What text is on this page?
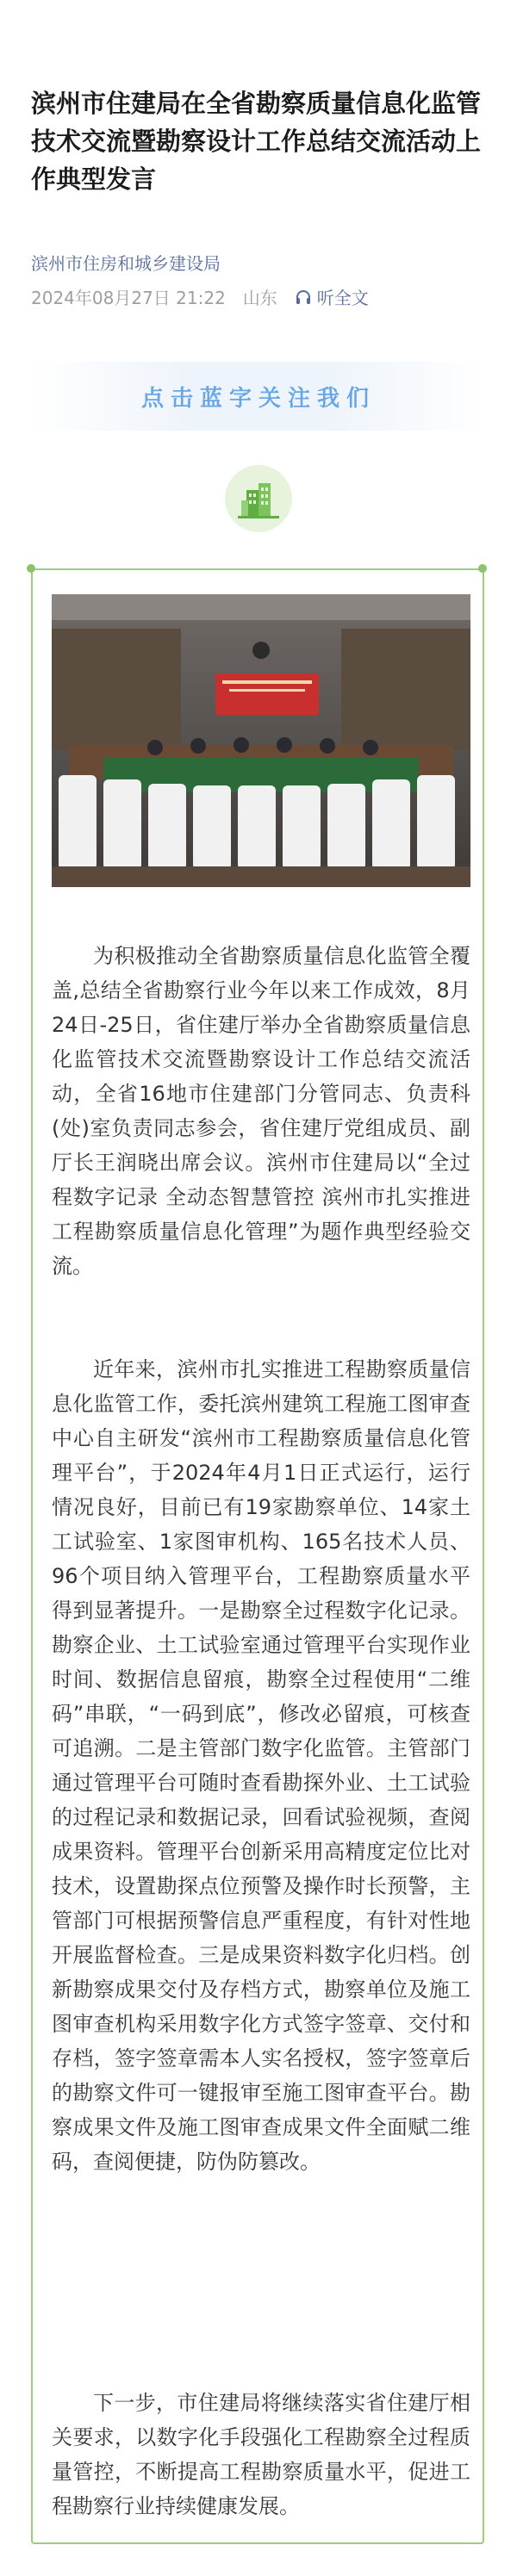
滨州市住建局在全省勘察质量信息化监管技术交流暨勘察设计工作总结交流活动上作典型发言
滨州市住房和城乡建设局
2024年08月27日 21:22 山东 听全文
点击蓝字关注我们

为积极推动全省勘察质量信息化监管全覆盖,总结全省勘察行业今年以来工作成效，8月24日-25日，省住建厅举办全省勘察质量信息化监管技术交流暨勘察设计工作总结交流活动，全省16地市住建部门分管同志、负责科(处)室负责同志参会，省住建厅党组成员、副厅长王润晓出席会议。滨州市住建局以“全过程数字记录 全动态智慧管控 滨州市扎实推进工程勘察质量信息化管理”为题作典型经验交流。

近年来，滨州市扎实推进工程勘察质量信息化监管工作，委托滨州建筑工程施工图审查中心自主研发“滨州市工程勘察质量信息化管理平台”，于2024年4月1日正式运行，运行情况良好，目前已有19家勘察单位、14家土工试验室、1家图审机构、165名技术人员、96个项目纳入管理平台，工程勘察质量水平得到显著提升。一是勘察全过程数字化记录。勘察企业、土工试验室通过管理平台实现作业时间、数据信息留痕，勘察全过程使用“二维码”串联，“一码到底”，修改必留痕，可核查可追溯。二是主管部门数字化监管。主管部门通过管理平台可随时查看勘探外业、土工试验的过程记录和数据记录，回看试验视频，查阅成果资料。管理平台创新采用高精度定位比对技术，设置勘探点位预警及操作时长预警，主管部门可根据预警信息严重程度，有针对性地开展监督检查。三是成果资料数字化归档。创新勘察成果交付及存档方式，勘察单位及施工图审查机构采用数字化方式签字签章、交付和存档，签字签章需本人实名授权，签字签章后的勘察文件可一键报审至施工图审查平台。勘察成果文件及施工图审查成果文件全面赋二维码，查阅便捷，防伪防篡改。

下一步，市住建局将继续落实省住建厅相关要求，以数字化手段强化工程勘察全过程质量管控，不断提高工程勘察质量水平，促进工程勘察行业持续健康发展。
